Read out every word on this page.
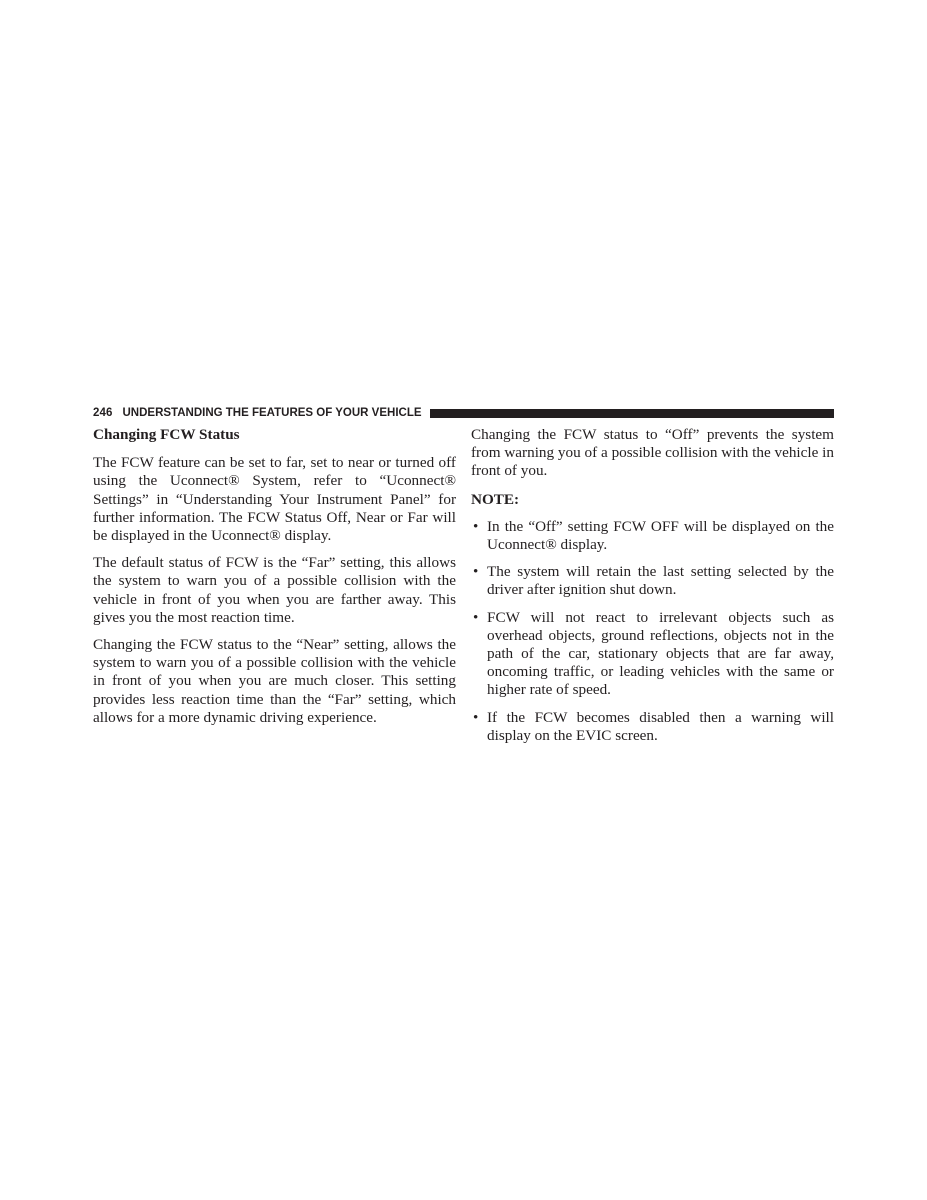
246 UNDERSTANDING THE FEATURES OF YOUR VEHICLE
Changing FCW Status

The FCW feature can be set to far, set to near or turned off using the Uconnect® System, refer to “Uconnect® Settings” in “Understanding Your Instrument Panel” for further information. The FCW Status Off, Near or Far will be displayed in the Uconnect® display.

The default status of FCW is the “Far” setting, this allows the system to warn you of a possible collision with the vehicle in front of you when you are farther away. This gives you the most reaction time.

Changing the FCW status to the “Near” setting, allows the system to warn you of a possible collision with the vehicle in front of you when you are much closer. This setting provides less reaction time than the “Far” setting, which allows for a more dynamic driving experience.

Changing the FCW status to “Off” prevents the system from warning you of a possible collision with the vehicle in front of you.

NOTE:
• In the “Off” setting FCW OFF will be displayed on the Uconnect® display.
• The system will retain the last setting selected by the driver after ignition shut down.
• FCW will not react to irrelevant objects such as overhead objects, ground reflections, objects not in the path of the car, stationary objects that are far away, oncoming traffic, or leading vehicles with the same or higher rate of speed.
• If the FCW becomes disabled then a warning will display on the EVIC screen.
